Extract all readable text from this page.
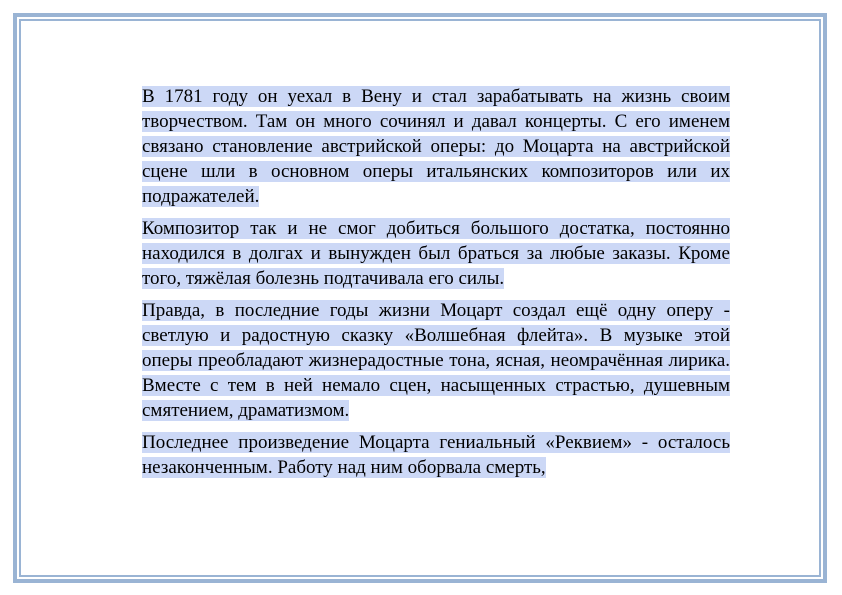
В 1781 году он уехал в Вену и стал зарабатывать на жизнь своим творчеством. Там он много сочинял и давал концерты. С его именем связано становление австрийской оперы: до Моцарта на австрийской сцене шли в основном оперы итальянских композиторов или их подражателей.

Композитор так и не смог добиться большого достатка, постоянно находился в долгах и вынужден был браться за любые заказы. Кроме того, тяжёлая болезнь подтачивала его силы.

Правда, в последние годы жизни Моцарт создал ещё одну оперу - светлую и радостную сказку «Волшебная флейта». В музыке этой оперы преобладают жизнерадостные тона, ясная, неомрачённая лирика. Вместе с тем в ней немало сцен, насыщенных страстью, душевным смятением, драматизмом.

Последнее произведение Моцарта гениальный «Реквием» - осталось незаконченным. Работу над ним оборвала смерть,
